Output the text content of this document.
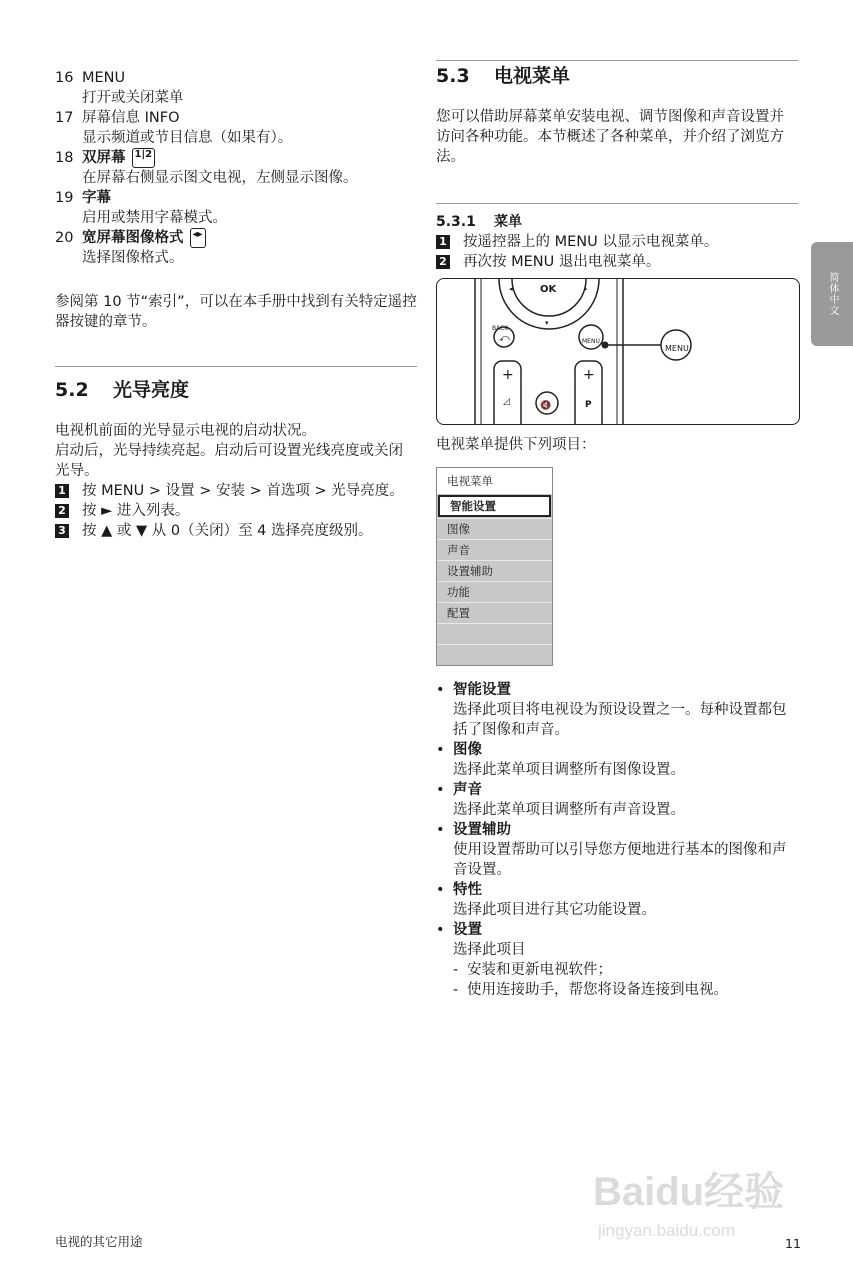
16 MENU
打开或关闭菜单
17 屏幕信息 INFO
显示频道或节目信息（如果有）。
18 双屏幕 1|2
在屏幕右侧显示图文电视，左侧显示图像。
19 字幕
启用或禁用字幕模式。
20 宽屏幕图像格式 ◂▸
选择图像格式。

参阅第 10 节“索引”，可以在本手册中找到有关特定遥控器按键的章节。

5.2 光导亮度

电视机前面的光导显示电视的启动状况。

启动后，光导持续亮起。启动后可设置光线亮度或关闭光导。

1 按 MENU > 设置 > 安装 > 首选项 > 光导亮度。
2 按 ► 进入列表。
3 按 ▲ 或 ▼ 从 0（关闭）至 4 选择亮度级别。
5.3 电视菜单

您可以借助屏幕菜单安装电视、调节图像和声音设置并访问各种功能。本节概述了各种菜单，并介绍了浏览方法。

5.3.1 菜单
1 按遥控器上的 MENU 以显示电视菜单。
2 再次按 MENU 退出电视菜单。
◂	▸
▾
⤺
◿
OK
BACK
MENU
MENU
+	+
P
🔇

电视菜单提供下列项目：

电视菜单
智能设置
图像
声音
设置辅助
功能
配置
• 智能设置
选择此项目将电视设为预设设置之一。每种设置都包括了图像和声音。
• 图像
选择此菜单项目调整所有图像设置。
• 声音
选择此菜单项目调整所有声音设置。
• 设置辅助
使用设置帮助可以引导您方便地进行基本的图像和声音设置。
• 特性
选择此项目进行其它功能设置。
• 设置
选择此项目
- 安装和更新电视软件；
- 使用连接助手，帮您将设备连接到电视。
简体中文
电视的其它用途	11
Baidu经验
jingyan.baidu.com
